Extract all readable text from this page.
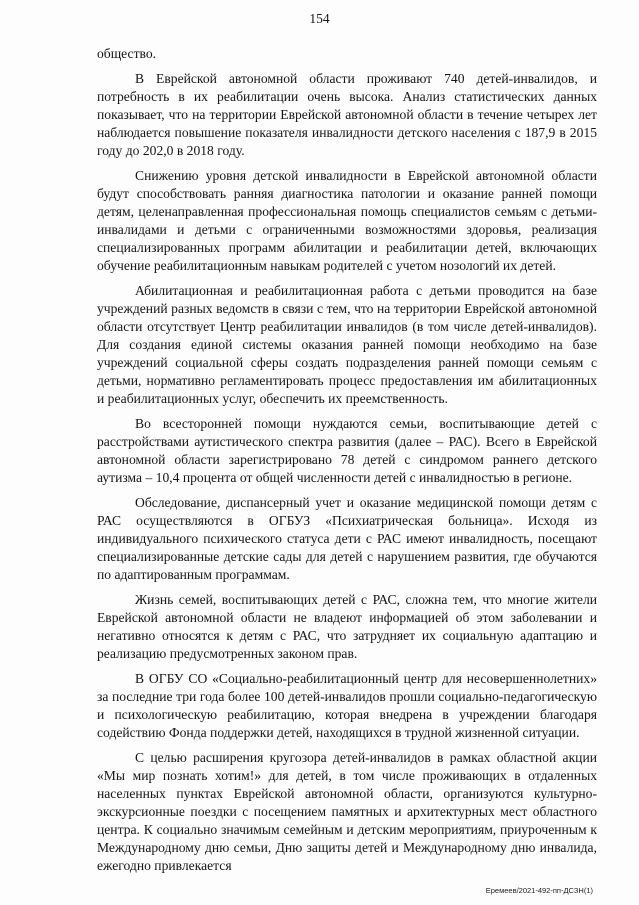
154

общество.

В Еврейской автономной области проживают 740 детей-инвалидов, и потребность в их реабилитации очень высока. Анализ статистических данных показывает, что на территории Еврейской автономной области в течение четырех лет наблюдается повышение показателя инвалидности детского населения с 187,9 в 2015 году до 202,0 в 2018 году.

Снижению уровня детской инвалидности в Еврейской автономной области будут способствовать ранняя диагностика патологии и оказание ранней помощи детям, целенаправленная профессиональная помощь специалистов семьям с детьми-инвалидами и детьми с ограниченными возможностями здоровья, реализация специализированных программ абилитации и реабилитации детей, включающих обучение реабилитационным навыкам родителей с учетом нозологий их детей.

Абилитационная и реабилитационная работа с детьми проводится на базе учреждений разных ведомств в связи с тем, что на территории Еврейской автономной области отсутствует Центр реабилитации инвалидов (в том числе детей-инвалидов). Для создания единой системы оказания ранней помощи необходимо на базе учреждений социальной сферы создать подразделения ранней помощи семьям с детьми, нормативно регламентировать процесс предоставления им абилитационных и реабилитационных услуг, обеспечить их преемственность.

Во всесторонней помощи нуждаются семьи, воспитывающие детей с расстройствами аутистического спектра развития (далее – РАС). Всего в Еврейской автономной области зарегистрировано 78 детей с синдромом раннего детского аутизма – 10,4 процента от общей численности детей с инвалидностью в регионе.

Обследование, диспансерный учет и оказание медицинской помощи детям с РАС осуществляются в ОГБУЗ «Психиатрическая больница». Исходя из индивидуального психического статуса дети с РАС имеют инвалидность, посещают специализированные детские сады для детей с нарушением развития, где обучаются по адаптированным программам.

Жизнь семей, воспитывающих детей с РАС, сложна тем, что многие жители Еврейской автономной области не владеют информацией об этом заболевании и негативно относятся к детям с РАС, что затрудняет их социальную адаптацию и реализацию предусмотренных законом прав.

В ОГБУ СО «Социально-реабилитационный центр для несовершеннолетних» за последние три года более 100 детей-инвалидов прошли социально-педагогическую и психологическую реабилитацию, которая внедрена в учреждении благодаря содействию Фонда поддержки детей, находящихся в трудной жизненной ситуации.

С целью расширения кругозора детей-инвалидов в рамках областной акции «Мы мир познать хотим!» для детей, в том числе проживающих в отдаленных населенных пунктах Еврейской автономной области, организуются культурно-экскурсионные поездки с посещением памятных и архитектурных мест областного центра. К социально значимым семейным и детским мероприятиям, приуроченным к Международному дню семьи, Дню защиты детей и Международному дню инвалида, ежегодно привлекается

Еремеев/2021-492-пп-ДСЗН(1)
